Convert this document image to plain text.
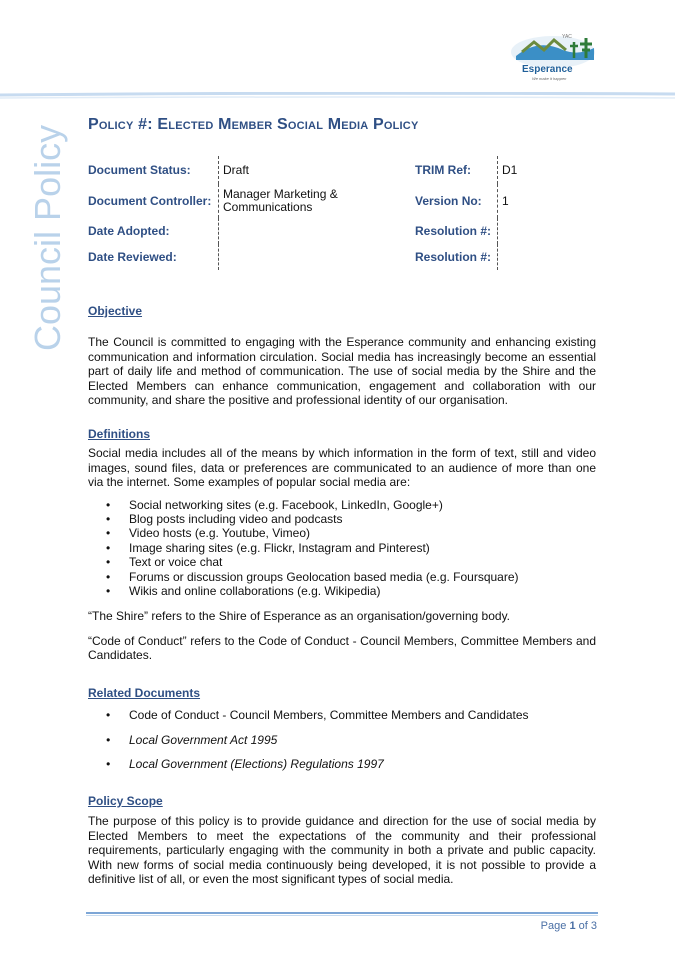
Council Policy
YAC
Esperance
We make it happen
Policy #: Elected Member Social Media Policy
Document Status:	Draft	TRIM Ref:	D1
Document Controller:	Manager Marketing & Communications	Version No:	1
Date Adopted:		Resolution #:	
Date Reviewed:		Resolution #:	
Objective

The Council is committed to engaging with the Esperance community and enhancing existing communication and information circulation. Social media has increasingly become an essential part of daily life and method of communication. The use of social media by the Shire and the Elected Members can enhance communication, engagement and collaboration with our community, and share the positive and professional identity of our organisation.

Definitions

Social media includes all of the means by which information in the form of text, still and video images, sound files, data or preferences are communicated to an audience of more than one via the internet. Some examples of popular social media are:

• Social networking sites (e.g. Facebook, LinkedIn, Google+)
• Blog posts including video and podcasts
• Video hosts (e.g. Youtube, Vimeo)
• Image sharing sites (e.g. Flickr, Instagram and Pinterest)
• Text or voice chat
• Forums or discussion groups Geolocation based media (e.g. Foursquare)
• Wikis and online collaborations (e.g. Wikipedia)

“The Shire” refers to the Shire of Esperance as an organisation/governing body.

“Code of Conduct” refers to the Code of Conduct - Council Members, Committee Members and Candidates.

Related Documents
• Code of Conduct - Council Members, Committee Members and Candidates
• Local Government Act 1995
• Local Government (Elections) Regulations 1997
Policy Scope

The purpose of this policy is to provide guidance and direction for the use of social media by Elected Members to meet the expectations of the community and their professional requirements, particularly engaging with the community in both a private and public capacity. With new forms of social media continuously being developed, it is not possible to provide a definitive list of all, or even the most significant types of social media.

Page 1 of 3
